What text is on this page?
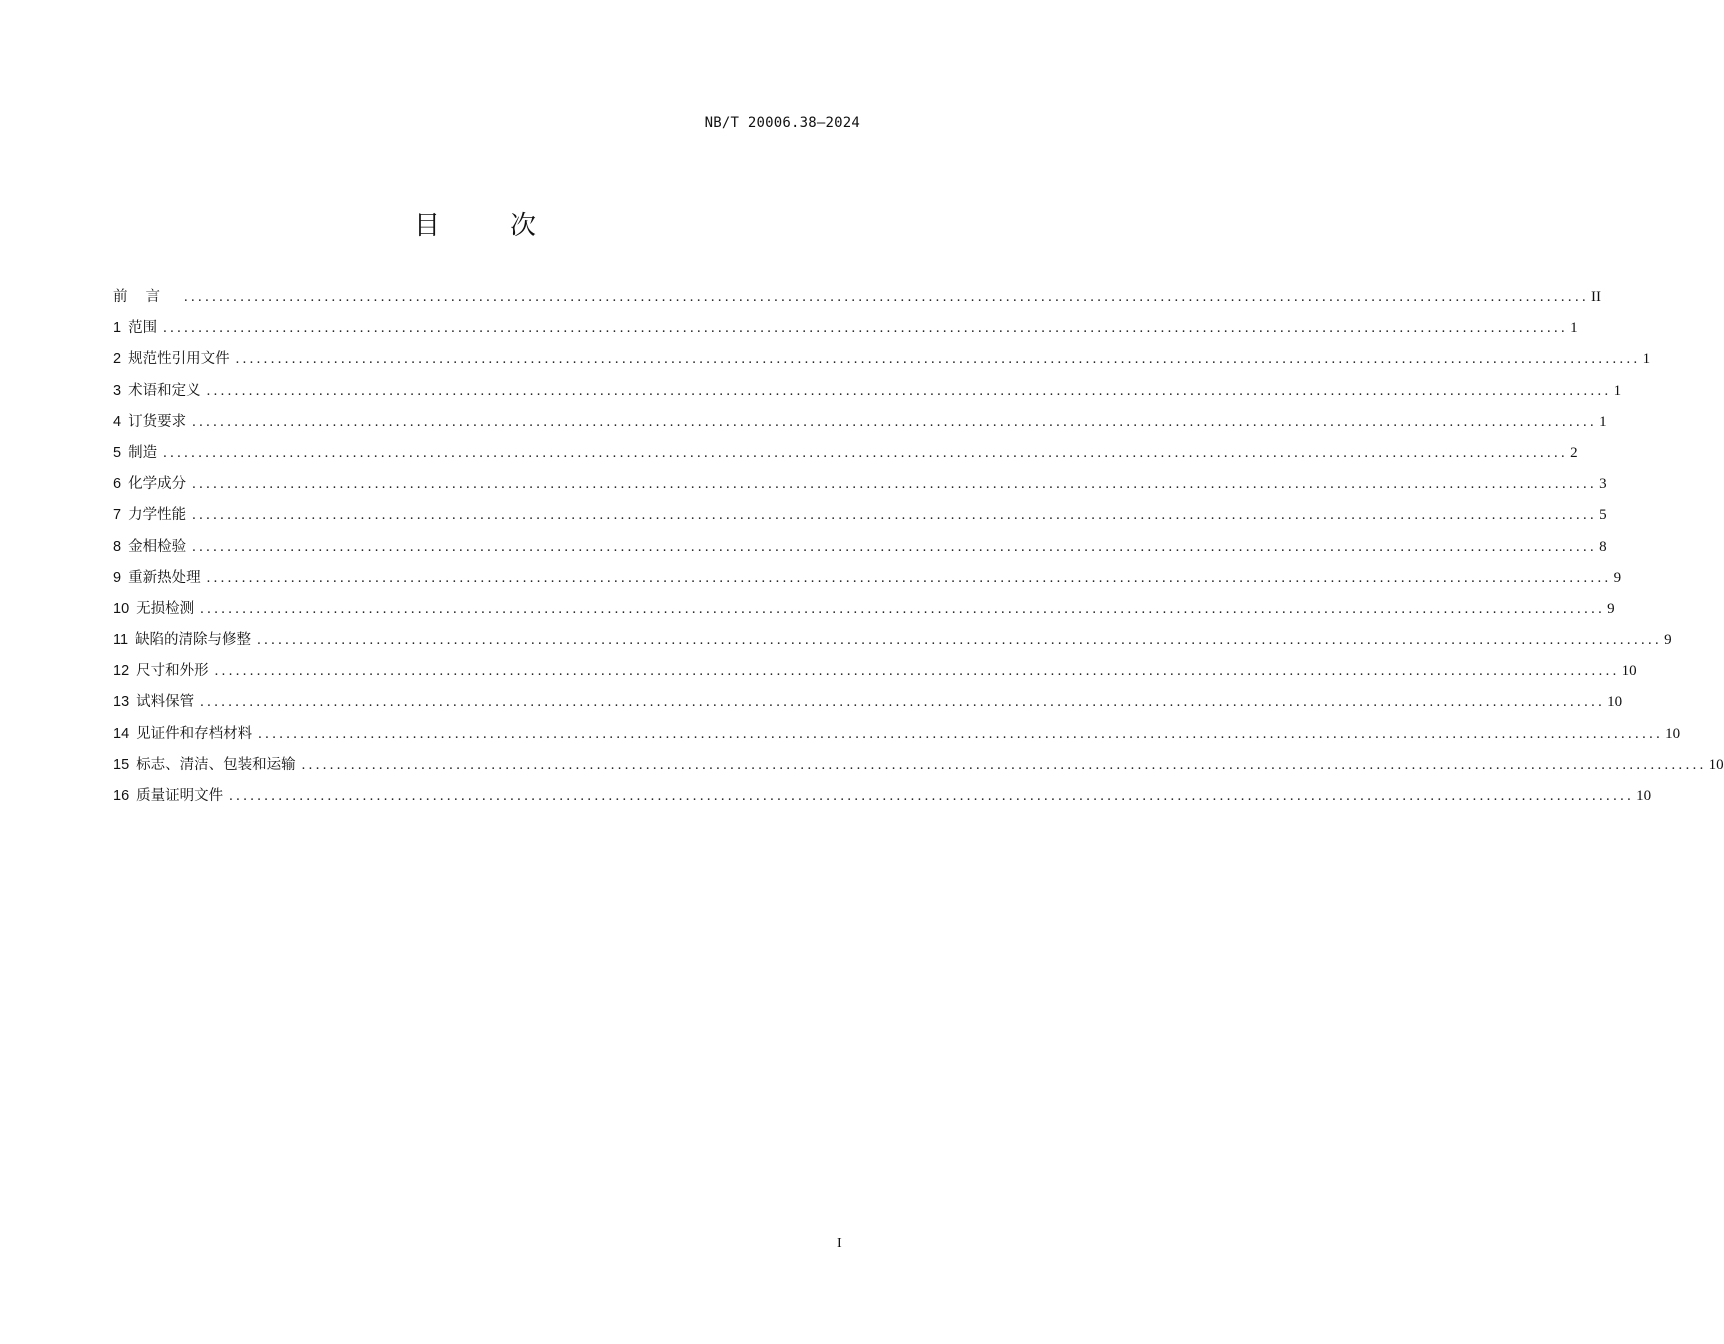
NB/T 20006.38—2024
目 次
前言 ........................................................................................................................................................................................................ II
1 范围 ........................................................................................................................................................................................................ 1
2 规范性引用文件 ........................................................................................................................................................................................................ 1
3 术语和定义 ........................................................................................................................................................................................................ 1
4 订货要求 ........................................................................................................................................................................................................ 1
5 制造 ........................................................................................................................................................................................................ 2
6 化学成分 ........................................................................................................................................................................................................ 3
7 力学性能 ........................................................................................................................................................................................................ 5
8 金相检验 ........................................................................................................................................................................................................ 8
9 重新热处理 ........................................................................................................................................................................................................ 9
10 无损检测 ........................................................................................................................................................................................................ 9
11 缺陷的清除与修整 ........................................................................................................................................................................................................ 9
12 尺寸和外形 ........................................................................................................................................................................................................ 10
13 试料保管 ........................................................................................................................................................................................................ 10
14 见证件和存档材料 ........................................................................................................................................................................................................ 10
15 标志、清洁、包装和运输 ........................................................................................................................................................................................................ 10
16 质量证明文件 ........................................................................................................................................................................................................ 10
I
